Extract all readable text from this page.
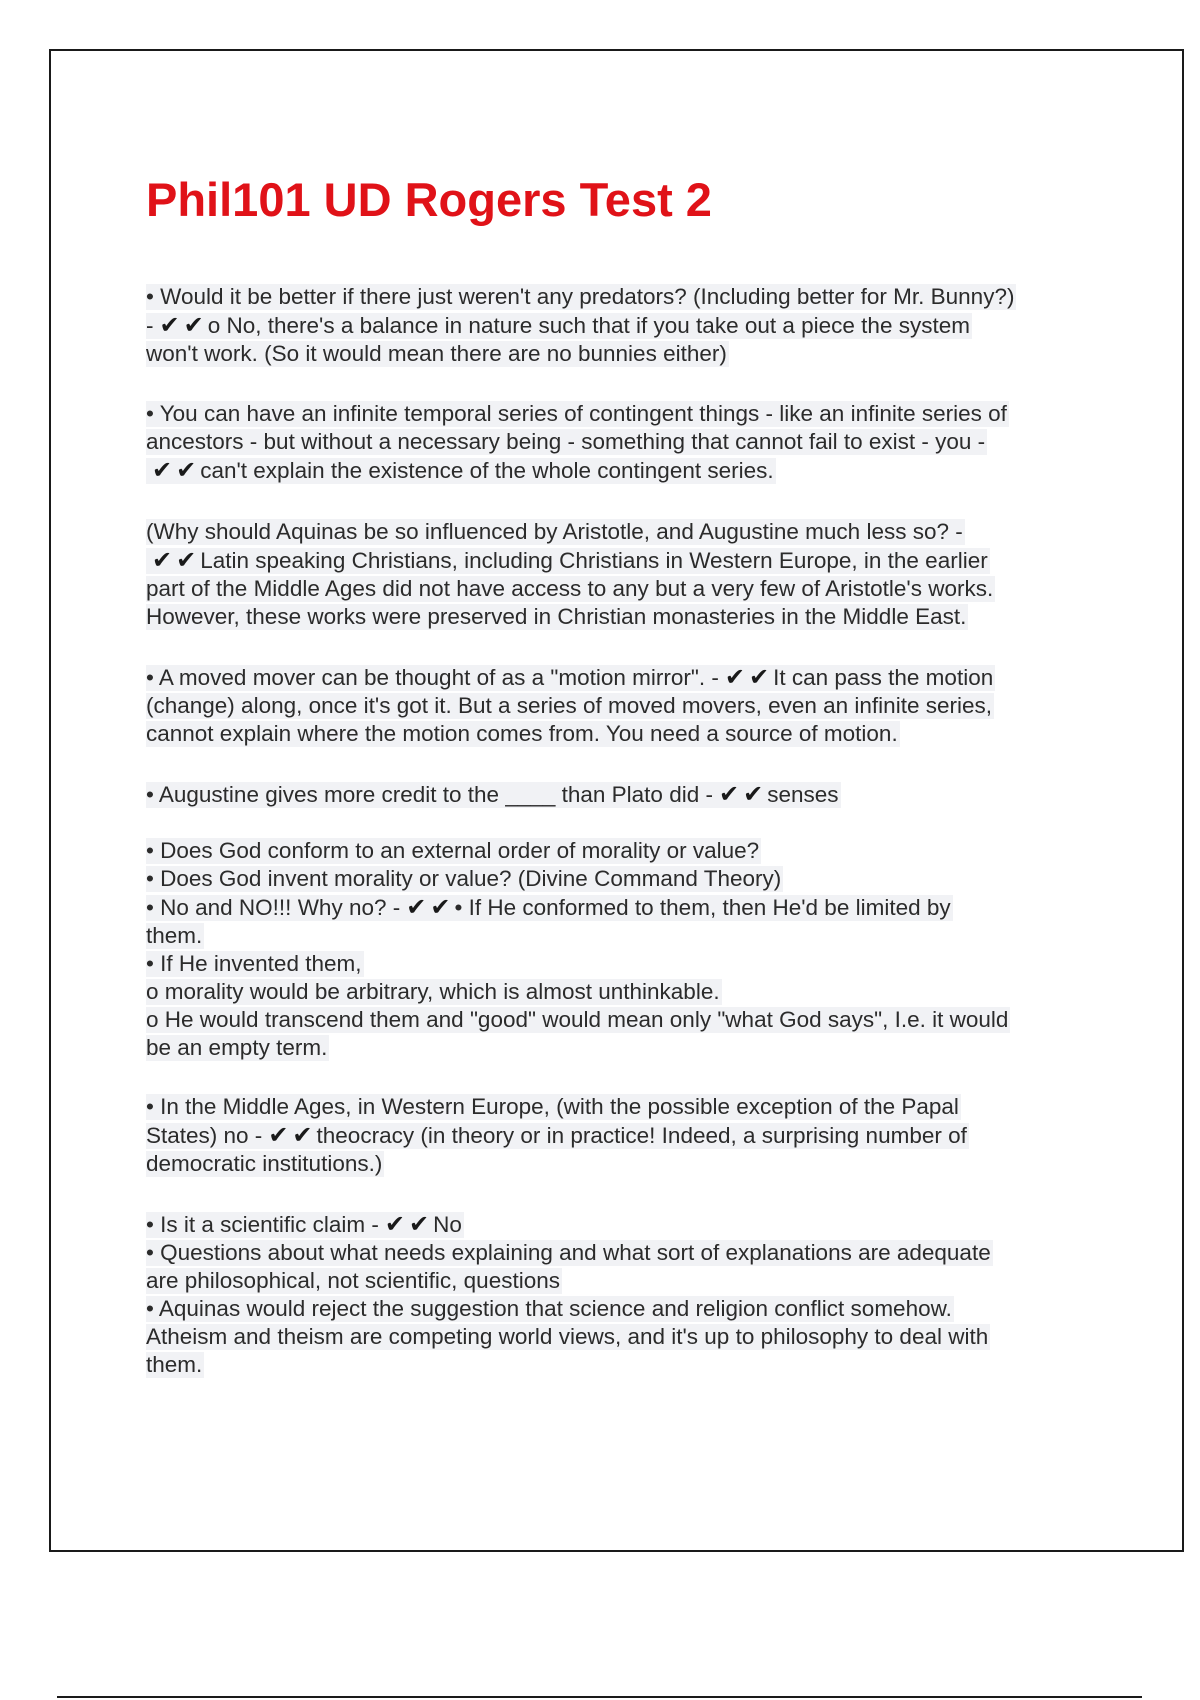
Phil101 UD Rogers Test 2
• Would it be better if there just weren't any predators? (Including better for Mr. Bunny?)
- ✔ ✔ o No, there's a balance in nature such that if you take out a piece the system
won't work. (So it would mean there are no bunnies either)
• You can have an infinite temporal series of contingent things - like an infinite series of
ancestors - but without a necessary being - something that cannot fail to exist - you -
✔ ✔ can't explain the existence of the whole contingent series.
(Why should Aquinas be so influenced by Aristotle, and Augustine much less so? -
✔ ✔ Latin speaking Christians, including Christians in Western Europe, in the earlier
part of the Middle Ages did not have access to any but a very few of Aristotle's works.
However, these works were preserved in Christian monasteries in the Middle East.
• A moved mover can be thought of as a "motion mirror". - ✔ ✔ It can pass the motion
(change) along, once it's got it. But a series of moved movers, even an infinite series,
cannot explain where the motion comes from. You need a source of motion.
• Augustine gives more credit to the ____ than Plato did - ✔ ✔ senses
• Does God conform to an external order of morality or value?
• Does God invent morality or value? (Divine Command Theory)
• No and NO!!! Why no? - ✔ ✔ • If He conformed to them, then He'd be limited by
them.
• If He invented them,
o morality would be arbitrary, which is almost unthinkable.
o He would transcend them and "good" would mean only "what God says", I.e. it would
be an empty term.
• In the Middle Ages, in Western Europe, (with the possible exception of the Papal
States) no - ✔ ✔ theocracy (in theory or in practice! Indeed, a surprising number of
democratic institutions.)
• Is it a scientific claim - ✔ ✔ No
• Questions about what needs explaining and what sort of explanations are adequate
are philosophical, not scientific, questions
• Aquinas would reject the suggestion that science and religion conflict somehow.
Atheism and theism are competing world views, and it's up to philosophy to deal with
them.
